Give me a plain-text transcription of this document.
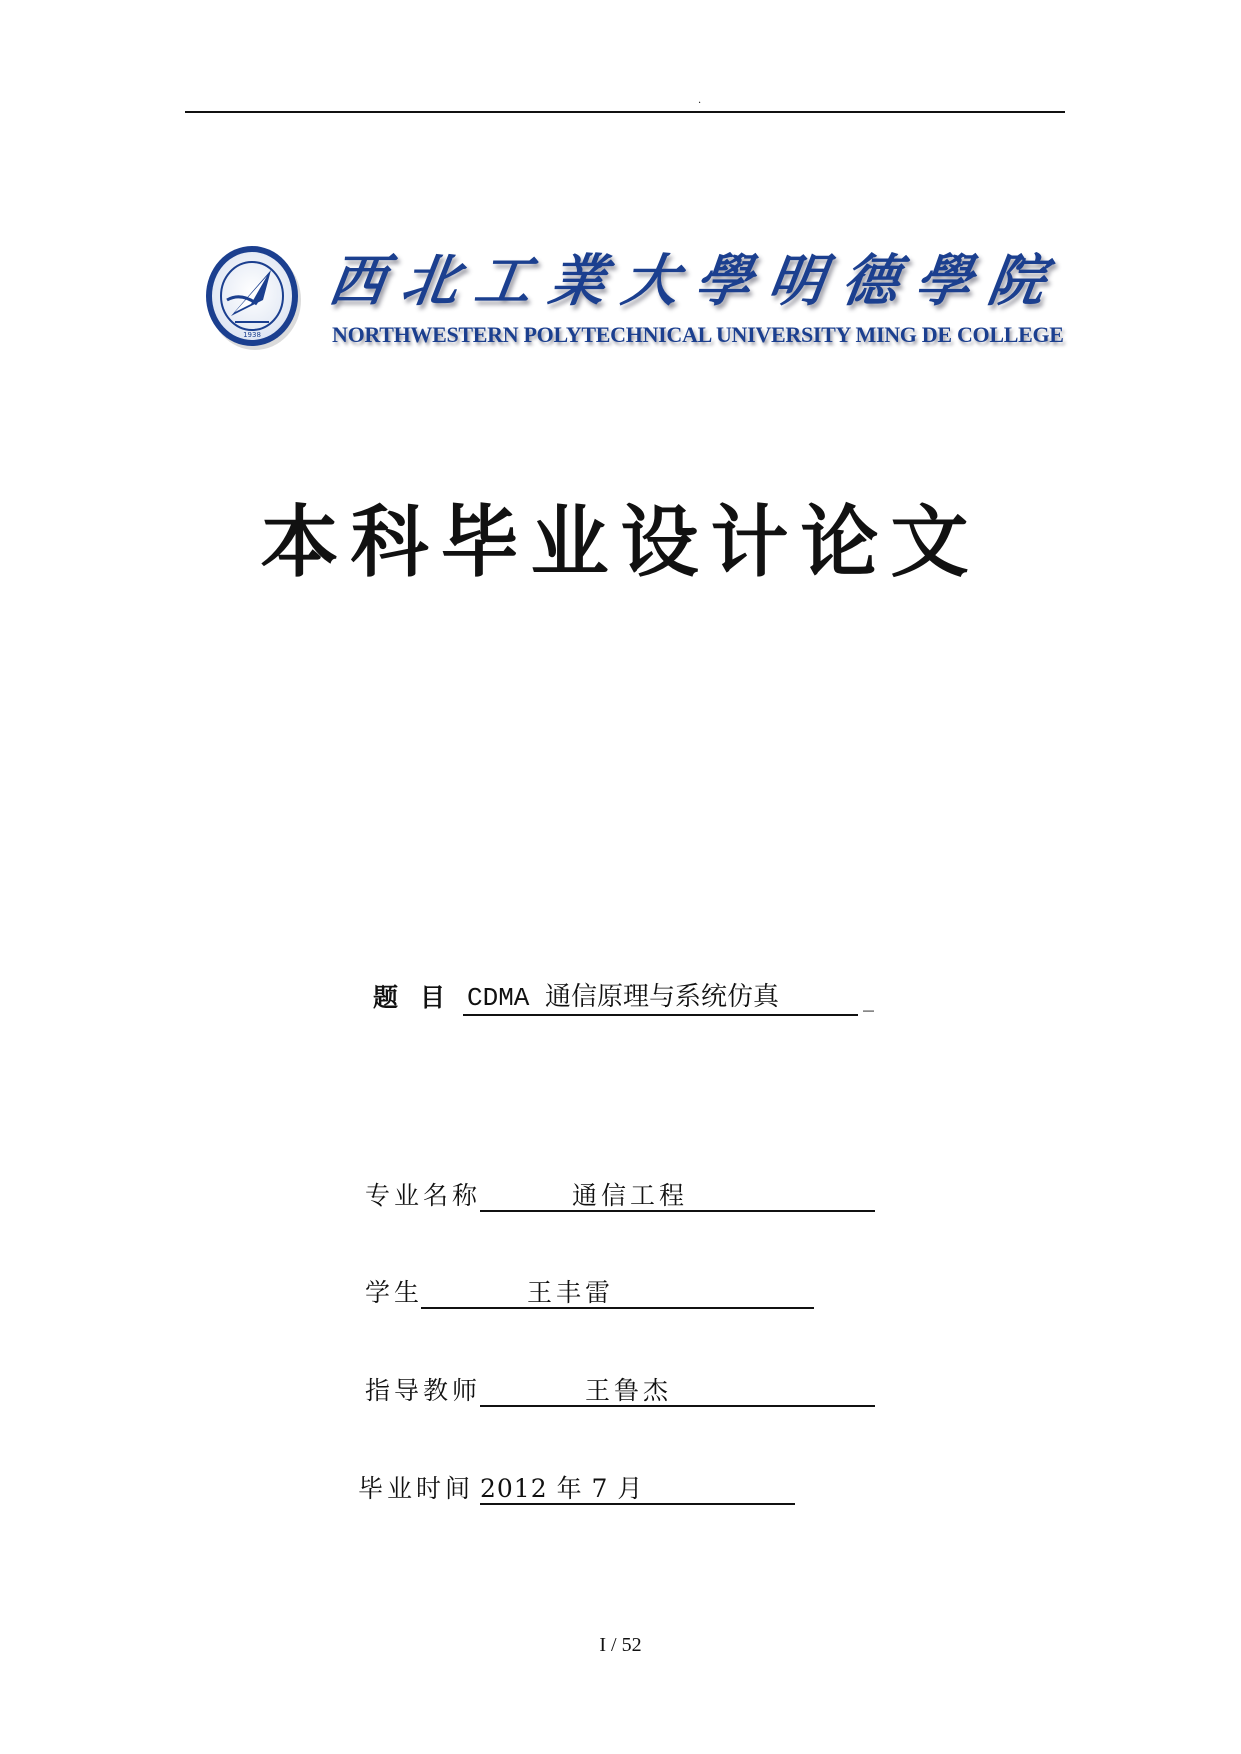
.
1938
西 北 工 業 大 學 明 德 學 院
NORTHWESTERN POLYTECHNICAL UNIVERSITY MING DE COLLEGE
本科毕业设计论文
题 目 CDMA 通信原理与系统仿真	_
专业名称	通信工程
学生	王丰雷
指导教师	王鲁杰
毕业时间 2012 年 7 月
I / 52
